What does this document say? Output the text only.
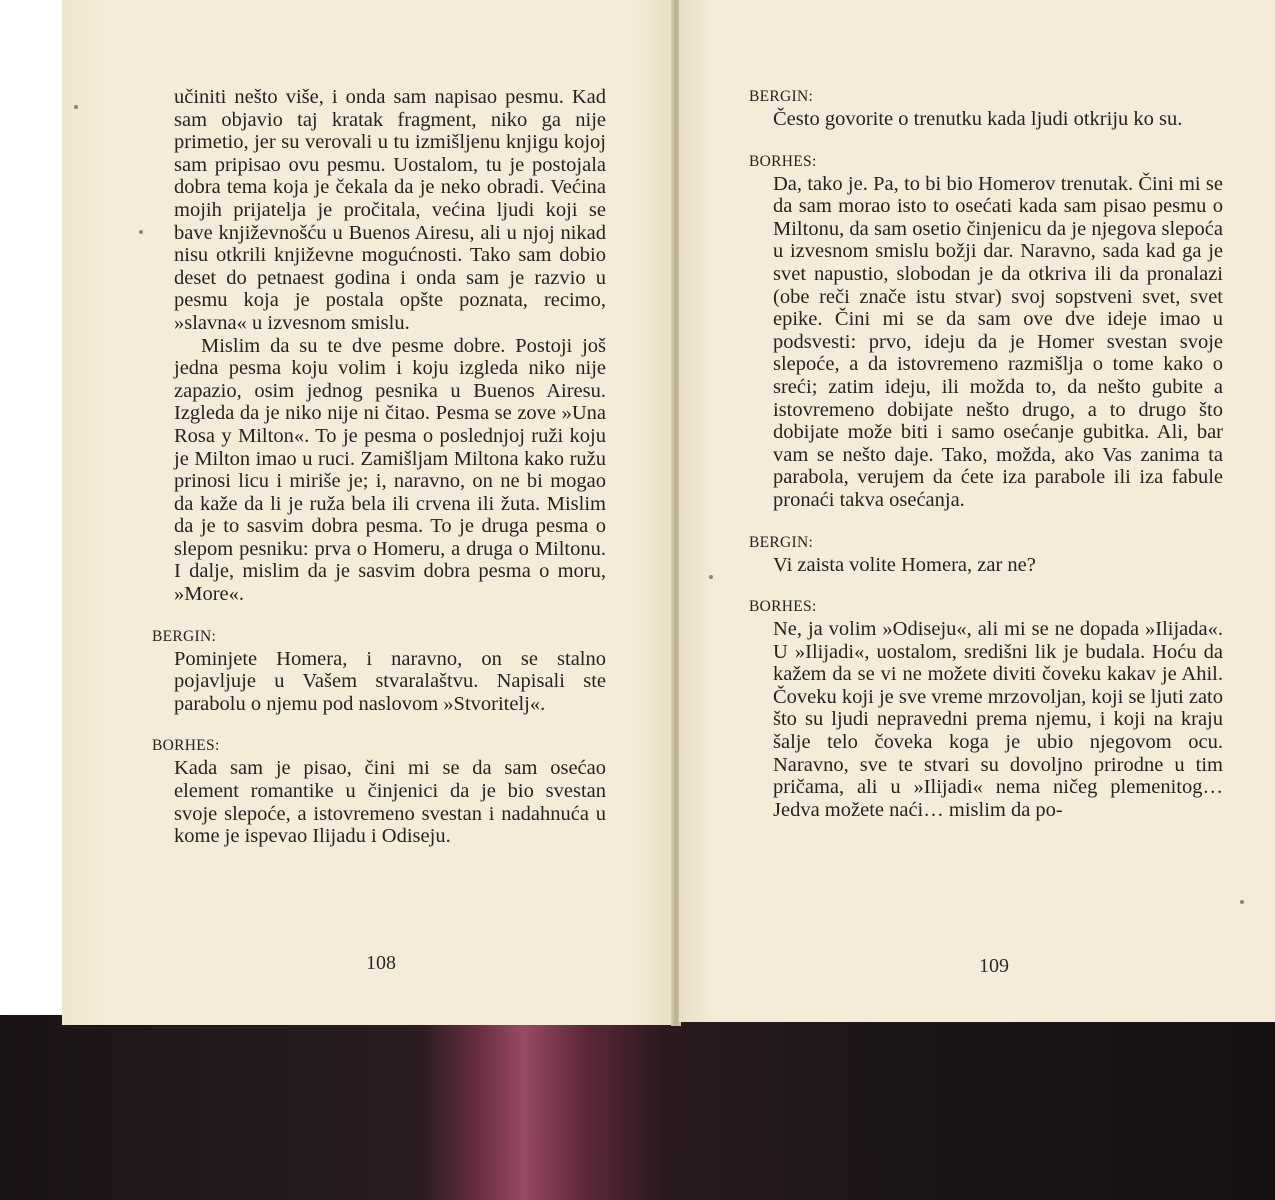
učiniti nešto više, i onda sam napisao pesmu. Kad sam objavio taj kratak fragment, niko ga nije primetio, jer su verovali u tu izmišljenu knjigu kojoj sam pripisao ovu pesmu. Uostalom, tu je postojala dobra tema koja je čekala da je neko obradi. Većina mojih prijatelja je pročitala, većina ljudi koji se bave književnošću u Buenos Airesu, ali u njoj nikad nisu otkrili književne mogućnosti. Tako sam dobio deset do petnaest godina i onda sam je razvio u pesmu koja je postala opšte poznata, recimo, »slavna« u izvesnom smislu.

Mislim da su te dve pesme dobre. Postoji još jedna pesma koju volim i koju izgleda niko nije zapazio, osim jednog pesnika u Buenos Airesu. Izgleda da je niko nije ni čitao. Pesma se zove »Una Rosa y Milton«. To je pesma o poslednjoj ruži koju je Milton imao u ruci. Zamišljam Miltona kako ružu prinosi licu i miriše je; i, naravno, on ne bi mogao da kaže da li je ruža bela ili crvena ili žuta. Mislim da je to sasvim dobra pesma. To je druga pesma o slepom pesniku: prva o Homeru, a druga o Miltonu. I dalje, mislim da je sasvim dobra pesma o moru, »More«.

BERGIN:

Pominjete Homera, i naravno, on se stalno pojavljuje u Vašem stvaralaštvu. Napisali ste parabolu o njemu pod naslovom »Stvoritelj«.

BORHES:

Kada sam je pisao, čini mi se da sam osećao element romantike u činjenici da je bio svestan svoje slepoće, a istovremeno svestan i nadahnuća u kome je ispevao Ilijadu i Odiseju.

108
BERGIN:

Često govorite o trenutku kada ljudi otkriju ko su.

BORHES:

Da, tako je. Pa, to bi bio Homerov trenutak. Čini mi se da sam morao isto to osećati kada sam pisao pesmu o Miltonu, da sam osetio činjenicu da je njegova slepoća u izvesnom smislu božji dar. Naravno, sada kad ga je svet napustio, slobodan je da otkriva ili da pronalazi (obe reči znače istu stvar) svoj sopstveni svet, svet epike. Čini mi se da sam ove dve ideje imao u podsvesti: prvo, ideju da je Homer svestan svoje slepoće, a da istovremeno razmišlja o tome kako o sreći; zatim ideju, ili možda to, da nešto gubite a istovremeno dobijate nešto drugo, a to drugo što dobijate može biti i samo osećanje gubitka. Ali, bar vam se nešto daje. Tako, možda, ako Vas zanima ta parabola, verujem da ćete iza parabole ili iza fabule pronaći takva osećanja.

BERGIN:

Vi zaista volite Homera, zar ne?

BORHES:

Ne, ja volim »Odiseju«, ali mi se ne dopada »Ilijada«. U »Ilijadi«, uostalom, središni lik je budala. Hoću da kažem da se vi ne možete diviti čoveku kakav je Ahil. Čoveku koji je sve vreme mrzovoljan, koji se ljuti zato što su ljudi nepravedni prema njemu, i koji na kraju šalje telo čoveka koga je ubio njegovom ocu. Naravno, sve te stvari su dovoljno prirodne u tim pričama, ali u »Ilijadi« nema ničeg plemenitog… Jedva možete naći… mislim da po-

109
